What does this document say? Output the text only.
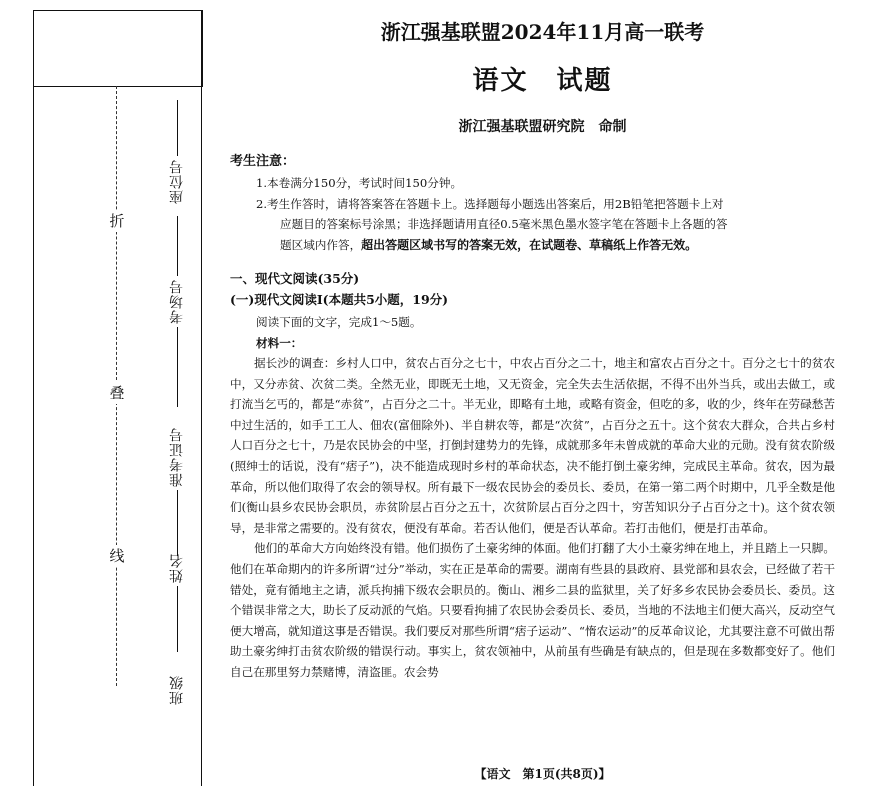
折
叠
线
座位号
考场号
准考证号
姓名
班级
浙江强基联盟2024年11月高一联考
语文　试题
浙江强基联盟研究院　命制
考生注意：

1.本卷满分150分，考试时间150分钟。

2.考生作答时，请将答案答在答题卡上。选择题每小题选出答案后，用2B铅笔把答题卡上对

应题目的答案标号涂黑；非选择题请用直径0.5毫米黑色墨水签字笔在答题卡上各题的答

题区域内作答，超出答题区域书写的答案无效，在试题卷、草稿纸上作答无效。

一、现代文阅读(35分)
(一)现代文阅读Ⅰ(本题共5小题，19分)
阅读下面的文字，完成1～5题。
材料一：

据长沙的调查：乡村人口中，贫农占百分之七十，中农占百分之二十，地主和富农占百分之十。百分之七十的贫农中，又分赤贫、次贫二类。全然无业，即既无土地，又无资金，完全失去生活依据，不得不出外当兵，或出去做工，或打流当乞丐的，都是“赤贫”，占百分之二十。半无业，即略有土地，或略有资金，但吃的多，收的少，终年在劳碌愁苦中过生活的，如手工工人、佃农(富佃除外)、半自耕农等，都是“次贫”，占百分之五十。这个贫农大群众，合共占乡村人口百分之七十，乃是农民协会的中坚，打倒封建势力的先锋，成就那多年未曾成就的革命大业的元勋。没有贫农阶级(照绅士的话说，没有“痞子”)，决不能造成现时乡村的革命状态，决不能打倒土豪劣绅，完成民主革命。贫农，因为最革命，所以他们取得了农会的领导权。所有最下一级农民协会的委员长、委员，在第一第二两个时期中，几乎全数是他们(衡山县乡农民协会职员，赤贫阶层占百分之五十，次贫阶层占百分之四十，穷苦知识分子占百分之十)。这个贫农领导，是非常之需要的。没有贫农，便没有革命。若否认他们，便是否认革命。若打击他们，便是打击革命。

他们的革命大方向始终没有错。他们损伤了土豪劣绅的体面。他们打翻了大小土豪劣绅在地上，并且踏上一只脚。他们在革命期内的许多所谓“过分”举动，实在正是革命的需要。湖南有些县的县政府、县党部和县农会，已经做了若干错处，竟有循地主之请，派兵拘捕下级农会职员的。衡山、湘乡二县的监狱里，关了好多乡农民协会委员长、委员。这个错误非常之大，助长了反动派的气焰。只要看拘捕了农民协会委员长、委员，当地的不法地主们便大高兴，反动空气便大增高，就知道这事是否错误。我们要反对那些所谓“痞子运动”、“惰农运动”的反革命议论，尤其要注意不可做出帮助土豪劣绅打击贫农阶级的错误行动。事实上，贫农领袖中，从前虽有些确是有缺点的，但是现在多数都变好了。他们自己在那里努力禁赌博，清盗匪。农会势

【语文　第1页(共8页)】
